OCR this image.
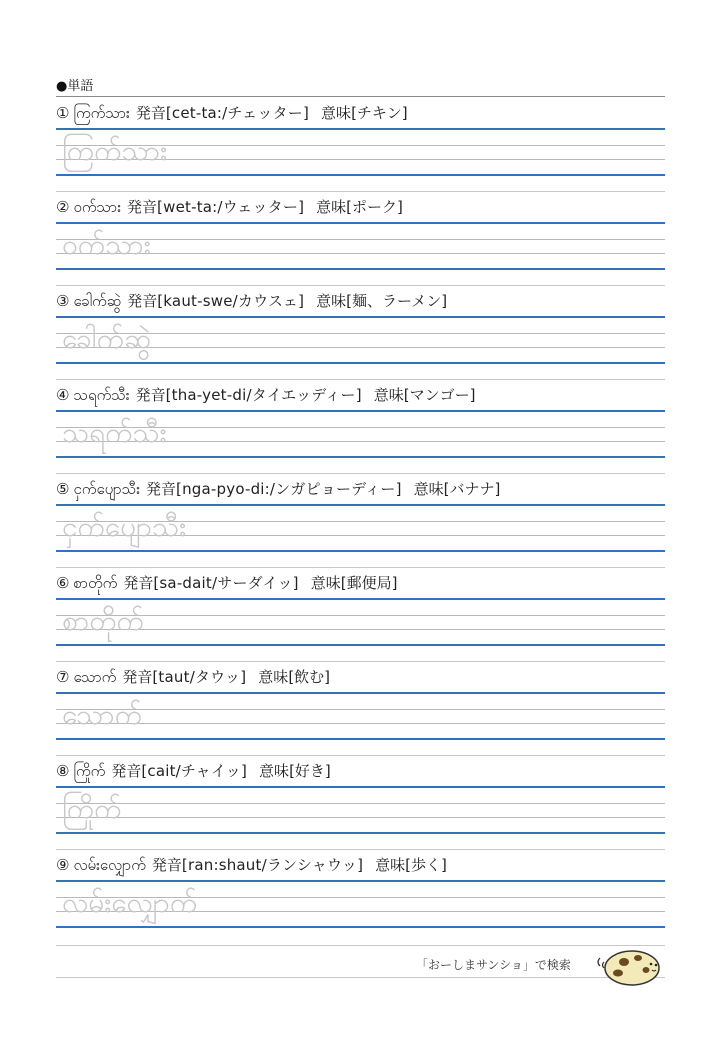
●単語
① ကြက်သား 発音[cet-ta:/チェッター] 意味[チキン]
ကြက်သား
② ဝက်သား 発音[wet-ta:/ウェッター] 意味[ポーク]
ဝက်သား
③ ခေါက်ဆွဲ 発音[kaut-swe/カウスェ] 意味[麺、ラーメン]
ခေါက်ဆွဲ
④ သရက်သီး 発音[tha-yet-di/タイエッディー] 意味[マンゴー]
သရက်သီး
⑤ ငှက်ပျောသီး 発音[nga-pyo-di:/ンガピョーディー] 意味[バナナ]
ငှက်ပျောသီး
⑥ စာတိုက် 発音[sa-dait/サーダイッ] 意味[郵便局]
စာတိုက်
⑦ သောက် 発音[taut/タウッ] 意味[飲む]
သောက်
⑧ ကြိုက် 発音[cait/チャイッ] 意味[好き]
ကြိုက်
⑨ လမ်းလျှောက် 発音[ran:shaut/ランシャウッ] 意味[歩く]
လမ်းလျှောက်
「おーしまサンショ」で検索
